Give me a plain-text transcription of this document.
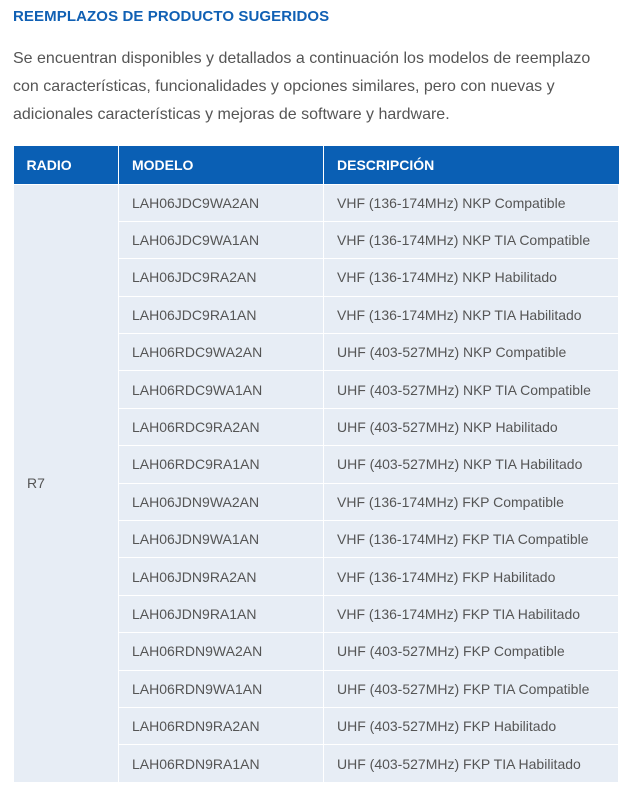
REEMPLAZOS DE PRODUCTO SUGERIDOS

Se encuentran disponibles y detallados a continuación los modelos de reemplazo con características, funcionalidades y opciones similares, pero con nuevas y adicionales características y mejoras de software y hardware.

RADIO	MODELO	DESCRIPCIÓN
R7	LAH06JDC9WA2AN	VHF (136-174MHz) NKP Compatible
	LAH06JDC9WA1AN	VHF (136-174MHz) NKP TIA Compatible
	LAH06JDC9RA2AN	VHF (136-174MHz) NKP Habilitado
	LAH06JDC9RA1AN	VHF (136-174MHz) NKP TIA Habilitado
	LAH06RDC9WA2AN	UHF (403-527MHz) NKP Compatible
	LAH06RDC9WA1AN	UHF (403-527MHz) NKP TIA Compatible
	LAH06RDC9RA2AN	UHF (403-527MHz) NKP Habilitado
	LAH06RDC9RA1AN	UHF (403-527MHz) NKP TIA Habilitado
	LAH06JDN9WA2AN	VHF (136-174MHz) FKP Compatible
	LAH06JDN9WA1AN	VHF (136-174MHz) FKP TIA Compatible
	LAH06JDN9RA2AN	VHF (136-174MHz) FKP Habilitado
	LAH06JDN9RA1AN	VHF (136-174MHz) FKP TIA Habilitado
	LAH06RDN9WA2AN	UHF (403-527MHz) FKP Compatible
	LAH06RDN9WA1AN	UHF (403-527MHz) FKP TIA Compatible
	LAH06RDN9RA2AN	UHF (403-527MHz) FKP Habilitado
	LAH06RDN9RA1AN	UHF (403-527MHz) FKP TIA Habilitado
